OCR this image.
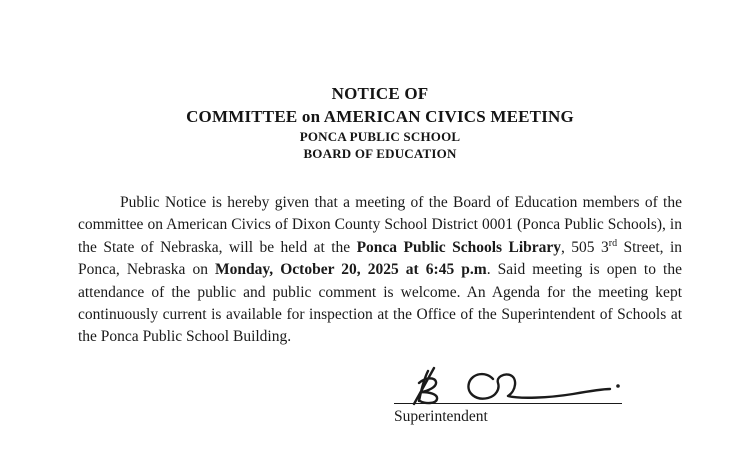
NOTICE OF
COMMITTEE on AMERICAN CIVICS MEETING
PONCA PUBLIC SCHOOL
BOARD OF EDUCATION

Public Notice is hereby given that a meeting of the Board of Education members of the committee on American Civics of Dixon County School District 0001 (Ponca Public Schools), in the State of Nebraska, will be held at the Ponca Public Schools Library, 505 3rd Street, in Ponca, Nebraska on Monday, October 20, 2025 at 6:45 p.m. Said meeting is open to the attendance of the public and public comment is welcome. An Agenda for the meeting kept continuously current is available for inspection at the Office of the Superintendent of Schools at the Ponca Public School Building.

Superintendent
